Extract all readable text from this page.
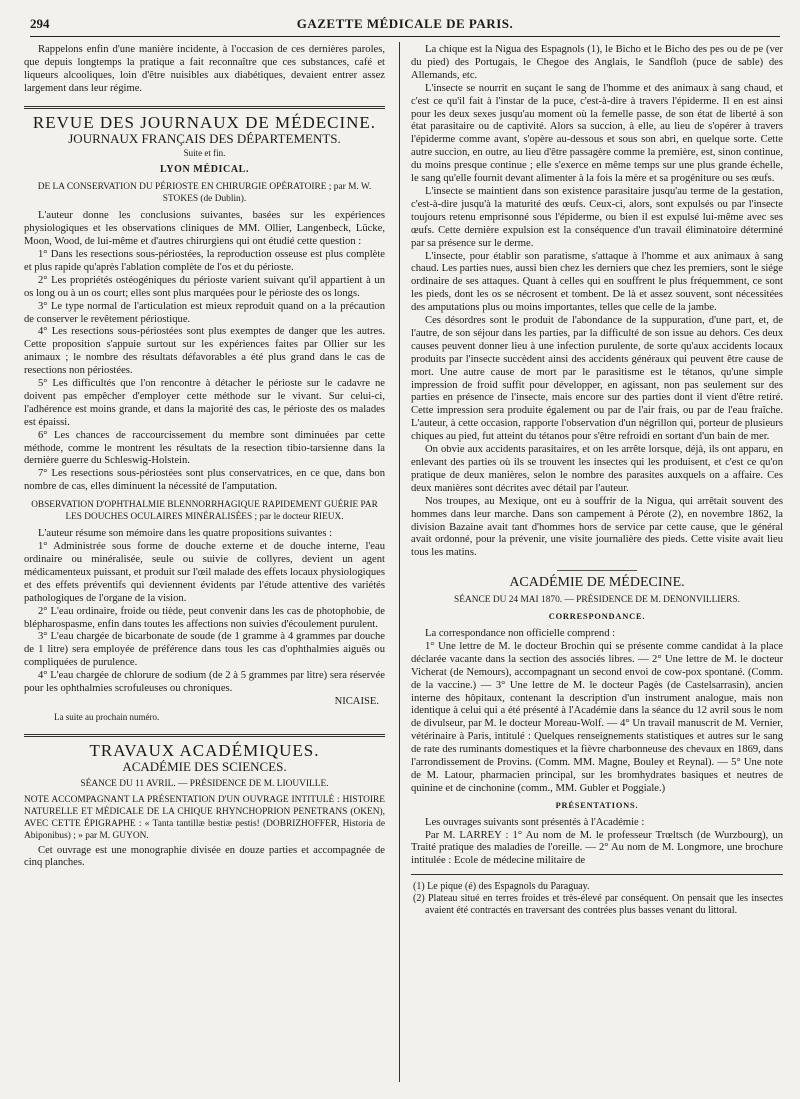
294	GAZETTE MÉDICALE DE PARIS.

Rappelons enfin d'une manière incidente, à l'occasion de ces dernières paroles, que depuis longtemps la pratique a fait reconnaître que ces substances, café et liqueurs alcooliques, loin d'être nuisibles aux diabétiques, devaient entrer assez largement dans leur régime.

REVUE DES JOURNAUX DE MÉDECINE.
JOURNAUX FRANÇAIS DES DÉPARTEMENTS.
Suite et fin.
LYON MÉDICAL.
DE LA CONSERVATION DU PÉRIOSTE EN CHIRURGIE OPÉRATOIRE ; par M. W. STOKES (de Dublin).

L'auteur donne les conclusions suivantes, basées sur les expériences physiologiques et les observations cliniques de MM. Ollier, Langenbeck, Lücke, Moon, Wood, de lui-même et d'autres chirurgiens qui ont étudié cette question :

1° Dans les resections sous-périostées, la reproduction osseuse est plus complète et plus rapide qu'après l'ablation complète de l'os et du périoste.

2° Les propriétés ostéogéniques du périoste varient suivant qu'il appartient à un os long ou à un os court; elles sont plus marquées pour le périoste des os longs.

3° Le type normal de l'articulation est mieux reproduit quand on a la précaution de conserver le revêtement périostique.

4° Les resections sous-périostées sont plus exemptes de danger que les autres. Cette proposition s'appuie surtout sur les expériences faites par Ollier sur les animaux ; le nombre des résultats défavorables a été plus grand dans le cas de resections non périostées.

5° Les difficultés que l'on rencontre à détacher le périoste sur le cadavre ne doivent pas empêcher d'employer cette méthode sur le vivant. Sur celui-ci, l'adhérence est moins grande, et dans la majorité des cas, le périoste des os malades est épaissi.

6° Les chances de raccourcissement du membre sont diminuées par cette méthode, comme le montrent les résultats de la resection tibio-tarsienne dans la dernière guerre du Schleswig-Holstein.

7° Les resections sous-périostées sont plus conservatrices, en ce que, dans bon nombre de cas, elles diminuent la nécessité de l'amputation.

OBSERVATION D'OPHTHALMIE BLENNORRHAGIQUE RAPIDEMENT GUÉRIE PAR LES DOUCHES OCULAIRES MINÉRALISÉES ; par le docteur RIEUX.

L'auteur résume son mémoire dans les quatre propositions suivantes :

1° Administrée sous forme de douche externe et de douche interne, l'eau ordinaire ou minéralisée, seule ou suivie de collyres, devient un agent médicamenteux puissant, et produit sur l'œil malade des effets locaux physiologiques et des effets préventifs qui deviennent évidents par l'étude attentive des variétés pathologiques de l'organe de la vision.

2° L'eau ordinaire, froide ou tiède, peut convenir dans les cas de photophobie, de blépharospasme, enfin dans toutes les affections non suivies d'écoulement purulent.

3° L'eau chargée de bicarbonate de soude (de 1 gramme à 4 grammes par douche de 1 litre) sera employée de préférence dans tous les cas d'ophthalmies aiguës ou compliquées de purulence.

4° L'eau chargée de chlorure de sodium (de 2 à 5 grammes par litre) sera réservée pour les ophthalmies scrofuleuses ou chroniques.

NICAISE.
La suite au prochain numéro.
TRAVAUX ACADÉMIQUES.
ACADÉMIE DES SCIENCES.
SÉANCE DU 11 AVRIL. — PRÉSIDENCE DE M. LIOUVILLE.

NOTE ACCOMPAGNANT LA PRÉSENTATION D'UN OUVRAGE INTITULÉ : HISTOIRE NATURELLE ET MÉDICALE DE LA CHIQUE RHYNCHOPRION PENETRANS (OKEN), AVEC CETTE ÉPIGRAPHE : « Tanta tantillæ bestiæ pestis! (DOBRIZHOFFER, Historia de Abiponibus) ; » par M. GUYON.

Cet ouvrage est une monographie divisée en douze parties et accompagnée de cinq planches.

La chique est la Nigua des Espagnols (1), le Bicho et le Bicho des pes ou de pe (ver du pied) des Portugais, le Chegoe des Anglais, le Sandfloh (puce de sable) des Allemands, etc.

L'insecte se nourrit en suçant le sang de l'homme et des animaux à sang chaud, et c'est ce qu'il fait à l'instar de la puce, c'est-à-dire à travers l'épiderme. Il en est ainsi pour les deux sexes jusqu'au moment où la femelle passe, de son état de liberté à son état parasitaire ou de captivité. Alors sa succion, à elle, au lieu de s'opérer à travers l'épiderme comme avant, s'opère au-dessous et sous son abri, en quelque sorte. Cette autre succion, en outre, au lieu d'être passagère comme la première, est, sinon continue, du moins presque continue ; elle s'exerce en même temps sur une plus grande échelle, le sang qu'elle fournit devant alimenter à la fois la mère et sa progéniture ou ses œufs.

L'insecte se maintient dans son existence parasitaire jusqu'au terme de la gestation, c'est-à-dire jusqu'à la maturité des œufs. Ceux-ci, alors, sont expulsés ou par l'insecte toujours retenu emprisonné sous l'épiderme, ou bien il est expulsé lui-même avec ses œufs. Cette dernière expulsion est la conséquence d'un travail éliminatoire déterminé par sa présence sur le derme.

L'insecte, pour établir son paratisme, s'attaque à l'homme et aux animaux à sang chaud. Les parties nues, aussi bien chez les derniers que chez les premiers, sont le siége ordinaire de ses attaques. Quant à celles qui en souffrent le plus fréquemment, ce sont les pieds, dont les os se nécrosent et tombent. De là et assez souvent, sont nécessitées des amputations plus ou moins importantes, telles que celle de la jambe.

Ces désordres sont le produit de l'abondance de la suppuration, d'une part, et, de l'autre, de son séjour dans les parties, par la difficulté de son issue au dehors. Ces deux causes peuvent donner lieu à une infection purulente, de sorte qu'aux accidents locaux produits par l'insecte succèdent ainsi des accidents généraux qui peuvent être cause de mort. Une autre cause de mort par le parasitisme est le tétanos, qu'une simple impression de froid suffit pour développer, en agissant, non pas seulement sur des parties en présence de l'insecte, mais encore sur des parties dont il vient d'être retiré. Cette impression sera produite également ou par de l'air frais, ou par de l'eau fraîche. L'auteur, à cette occasion, rapporte l'observation d'un négrillon qui, porteur de plusieurs chiques au pied, fut atteint du tétanos pour s'être refroidi en sortant d'un bain de mer.

On obvie aux accidents parasitaires, et on les arrête lorsque, déjà, ils ont apparu, en enlevant des parties où ils se trouvent les insectes qui les produisent, et c'est ce qu'on pratique de deux manières, selon le nombre des parasites auxquels on a affaire. Ces deux manières sont décrites avec détail par l'auteur.

Nos troupes, au Mexique, ont eu à souffrir de la Nigua, qui arrêtait souvent des hommes dans leur marche. Dans son campement à Pérote (2), en novembre 1862, la division Bazaine avait tant d'hommes hors de service par cette cause, que le général avait ordonné, pour la prévenir, une visite journalière des pieds. Cette visite avait lieu tous les matins.

ACADÉMIE DE MÉDECINE.
SÉANCE DU 24 MAI 1870. — PRÉSIDENCE DE M. DENONVILLIERS.
CORRESPONDANCE.

La correspondance non officielle comprend :

1° Une lettre de M. le docteur Brochin qui se présente comme candidat à la place déclarée vacante dans la section des associés libres. — 2° Une lettre de M. le docteur Vicherat (de Nemours), accompagnant un second envoi de cow-pox spontané. (Comm. de la vaccine.) — 3° Une lettre de M. le docteur Pagès (de Castelsarrasin), ancien interne des hôpitaux, contenant la description d'un instrument analogue, mais non identique à celui qui a été présenté à l'Académie dans la séance du 12 avril sous le nom de divulseur, par M. le docteur Moreau-Wolf. — 4° Un travail manuscrit de M. Vernier, vétérinaire à Paris, intitulé : Quelques renseignements statistiques et autres sur le sang de rate des ruminants domestiques et la fièvre charbonneuse des chevaux en 1869, dans l'arrondissement de Provins. (Comm. MM. Magne, Bouley et Reynal). — 5° Une note de M. Latour, pharmacien principal, sur les bromhydrates basiques et neutres de quinine et de cinchonine (comm., MM. Gubler et Poggiale.)

PRÉSENTATIONS.

Les ouvrages suivants sont présentés à l'Académie :

Par M. LARREY : 1° Au nom de M. le professeur Trœltsch (de Wurzbourg), un Traité pratique des maladies de l'oreille. — 2° Au nom de M. Longmore, une brochure intitulée : Ecole de médecine militaire de

(1) Le pique (é) des Espagnols du Paraguay.

(2) Plateau situé en terres froides et très-élevé par conséquent. On pensait que les insectes avaient été contractés en traversant des contrées plus basses venant du littoral.
